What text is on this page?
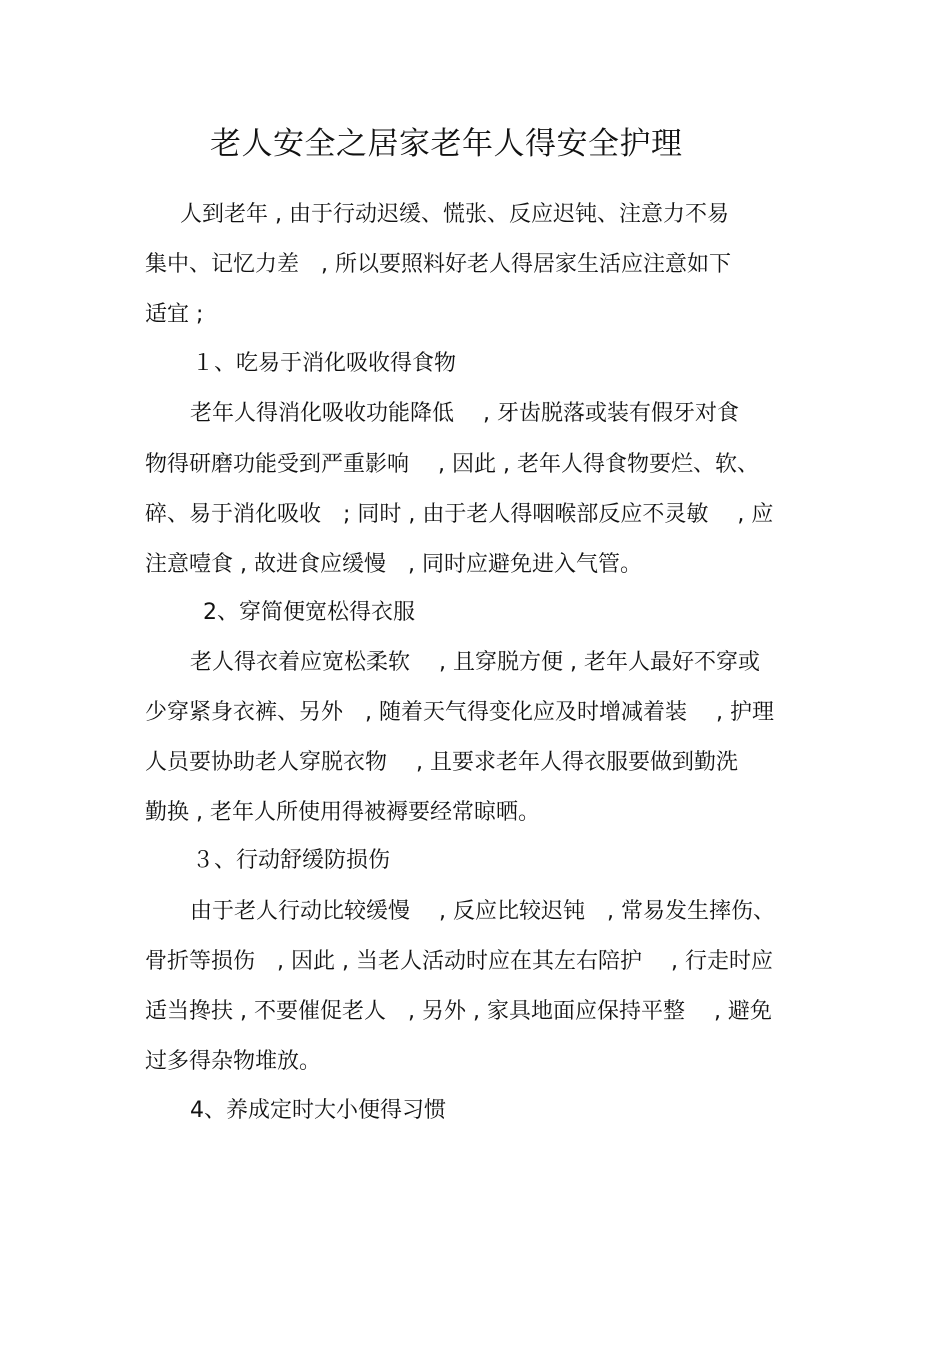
老人安全之居家老年人得安全护理
人到老年 , 由于行动迟缓、慌张、反应迟钝、注意力不易
集中、记忆力差　, 所以要照料好老人得居家生活应注意如下
适宜 ;
１、吃易于消化吸收得食物
老年人得消化吸收功能降低　 , 牙齿脱落或装有假牙对食
物得研磨功能受到严重影响　 , 因此 , 老年人得食物要烂、软、
碎、易于消化吸收　; 同时 , 由于老人得咽喉部反应不灵敏　 , 应
注意噎食 , 故进食应缓慢　, 同时应避免进入气管。
2、穿简便宽松得衣服
老人得衣着应宽松柔软　 , 且穿脱方便 , 老年人最好不穿或
少穿紧身衣裤、另外　, 随着天气得变化应及时增减着装　 , 护理
人员要协助老人穿脱衣物　 , 且要求老年人得衣服要做到勤洗
勤换 , 老年人所使用得被褥要经常晾晒。
３、行动舒缓防损伤
由于老人行动比较缓慢　 , 反应比较迟钝　, 常易发生摔伤、
骨折等损伤　, 因此 , 当老人活动时应在其左右陪护　 , 行走时应
适当搀扶 , 不要催促老人　, 另外 , 家具地面应保持平整　 , 避免
过多得杂物堆放。
4、养成定时大小便得习惯
